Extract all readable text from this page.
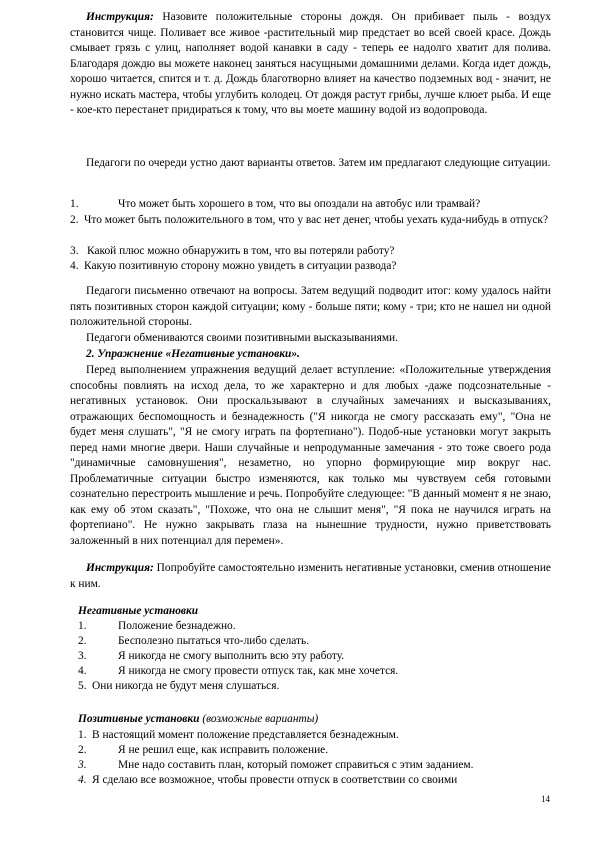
Инструкция: Назовите положительные стороны дождя. Он прибивает пыль - воздух становится чище. Поливает все живое -растительный мир предстает во всей своей красе. Дождь смывает грязь с улиц, наполняет водой канавки в саду - теперь ее надолго хватит для полива. Благодаря дождю вы можете наконец заняться насущными домашними делами. Когда идет дождь, хорошо читается, спится и т. д. Дождь благотворно влияет на качество подземных вод - значит, не нужно искать мастера, чтобы углубить колодец. От дождя растут грибы, лучше клюет рыба. И еще - кое-кто перестанет придираться к тому, что вы моете машину водой из водопровода.

Педагоги по очереди устно дают варианты ответов. Затем им предлагают следующие ситуации.

1.	Что может быть хорошего в том, что вы опоздали на автобус или трамвай?
2. Что может быть положительного в том, что у вас нет денег, чтобы уехать куда-нибудь в отпуск?
3. Какой плюс можно обнаружить в том, что вы потеряли работу?
4. Какую позитивную сторону можно увидеть в ситуации развода?

Педагоги письменно отвечают на вопросы. Затем ведущий подводит итог: кому удалось найти пять позитивных сторон каждой ситуации; кому - больше пяти; кому - три; кто не нашел ни одной положительной стороны.

Педагоги обмениваются своими позитивными высказываниями.

2. Упражнение «Негативные установки».

Перед выполнением упражнения ведущий делает вступление: «Положительные утверждения способны повлиять на исход дела, то же характерно и для любых -даже подсознательные - негативных установок. Они проскальзывают в случайных замечаниях и высказываниях, отражающих беспомощность и безнадежность ("Я никогда не смогу рассказать ему", "Она не будет меня слушать", "Я не смогу играть па фортепиано"). Подоб-ные установки могут закрыть перед нами многие двери. Наши случайные и непродуманные замечания - это тоже своего рода "динамичные самовнушения", незаметно, но упорно формирующие мир вокруг нас. Проблематичные ситуации быстро изменяются, как только мы чувствуем себя готовыми сознательно перестроить мышление и речь. Попробуйте следующее: "В данный момент я не знаю, как ему об этом сказать", "Похоже, что она не слышит меня", "Я пока не научился играть на фортепиано". Не нужно закрывать глаза на нынешние трудности, нужно приветствовать заложенный в них потенциал для перемен».

Инструкция: Попробуйте самостоятельно изменить негативные установки, сменив отношение к ним.

Негативные установки
1.	Положение безнадежно.
2.	Бесполезно пытаться что-либо сделать.
3.	Я никогда не смогу выполнить всю эту работу.
4.	Я никогда не смогу провести отпуск так, как мне хочется.
5. Они никогда не будут меня слушаться.
Позитивные установки (возможные варианты)
1. В настоящий момент положение представляется безнадежным.
2.	Я не решил еще, как исправить положение.
3.	Мне надо составить план, который поможет справиться с этим заданием.
4. Я сделаю все возможное, чтобы провести отпуск в соответствии со своими
14
